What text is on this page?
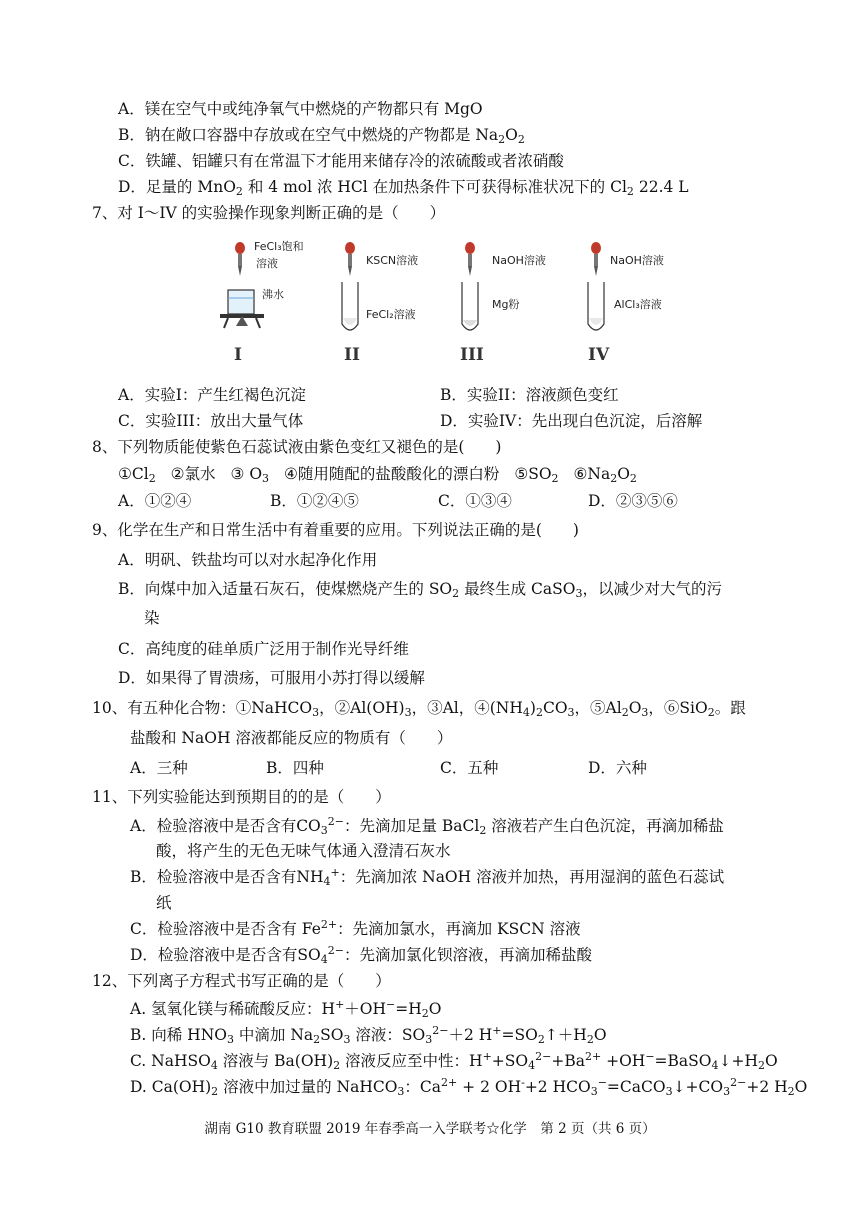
A．镁在空气中或纯净氧气中燃烧的产物都只有 MgO
B．钠在敞口容器中存放或在空气中燃烧的产物都是 $Na_2O_2$
C．铁罐、铝罐只有在常温下才能用来储存冷的浓硫酸或者浓硝酸
D．足量的 MnO$_2$ 和 4 mol 浓 HCl 在加热条件下可获得标准状况下的 $Cl_2$ 22.4 L
7、对 I～IV 的实验操作现象判断正确的是（　　）
FeCl₃饱和
溶液
沸水
I
KSCN溶液
FeCl₂溶液
II
NaOH溶液
Mg粉
III
NaOH溶液
AlCl₃溶液
IV
A．实验I：产生红褐色沉淀	B．实验II：溶液颜色变红
C．实验III：放出大量气体	D．实验IV：先出现白色沉淀，后溶解
8、下列物质能使紫色石蕊试液由紫色变红又褪色的是(　　)
$①Cl_2$ ②氯水 ③ $O_3$ ④随用随配的盐酸酸化的漂白粉 $⑤SO_2$ $⑥Na_2O_2$
A．①②④	B．①②④⑤	C．①③④	D．②③⑤⑥
9、化学在生产和日常生活中有着重要的应用。下列说法正确的是(　　)
A．明矾、铁盐均可以对水起净化作用
B．向煤中加入适量石灰石，使煤燃烧产生的 $SO_2$ 最终生成 CaSO$_3$，以减少对大气的污
染
C．高纯度的硅单质广泛用于制作光导纤维
D．如果得了胃溃疡，可服用小苏打得以缓解
10、有五种化合物：①NaHCO$_3$，$②Al(OH)_3$，③Al，$④(NH_4)_2CO_3$，$⑤Al_2O_3$，⑥SiO$_2$。跟
盐酸和 NaOH 溶液都能反应的物质有（　　）
A．三种	B．四种	C．五种	D．六种
11、下列实验能达到预期目的的是（　　）
A．检验溶液中是否含有$CO_3^{2-}$：先滴加足量 BaCl$_2$ 溶液若产生白色沉淀，再滴加稀盐
酸，将产生的无色无味气体通入澄清石灰水
B．检验溶液中是否含有$NH_4^+$：先滴加浓 NaOH 溶液并加热，再用湿润的蓝色石蕊试
纸
C．检验溶液中是否含有 $Fe^{2+}$：先滴加氯水，再滴加 KSCN 溶液
D．检验溶液中是否含有$SO_4^{2-}$：先滴加氯化钡溶液，再滴加稀盐酸
12、下列离子方程式书写正确的是（　　）
A. 氢氧化镁与稀硫酸反应：$H^++OH^-=H_2O$
B. 向稀 $HNO_3$ 中滴加 $Na_2SO_3$ 溶液：$SO_3^{2-}+2$ $H^+=SO_2↑+H_2O$
C. NaHSO$_4$ 溶液与 $Ba(OH)_2$ 溶液反应至中性：$H^++SO_4^{2-}+Ba^{2+}$ $+OH^-=BaSO_4↓+H_2O$
D. $Ca(OH)_2$ 溶液中加过量的 NaHCO$_3$：$Ca^{2+} + 2$ OH-+2 $HCO_3^-=CaCO_3↓+CO_3^{2-}+2$ $H_2O$
湖南 G10 教育联盟 2019 年春季高一入学联考☆化学　第 2 页（共 6 页）
